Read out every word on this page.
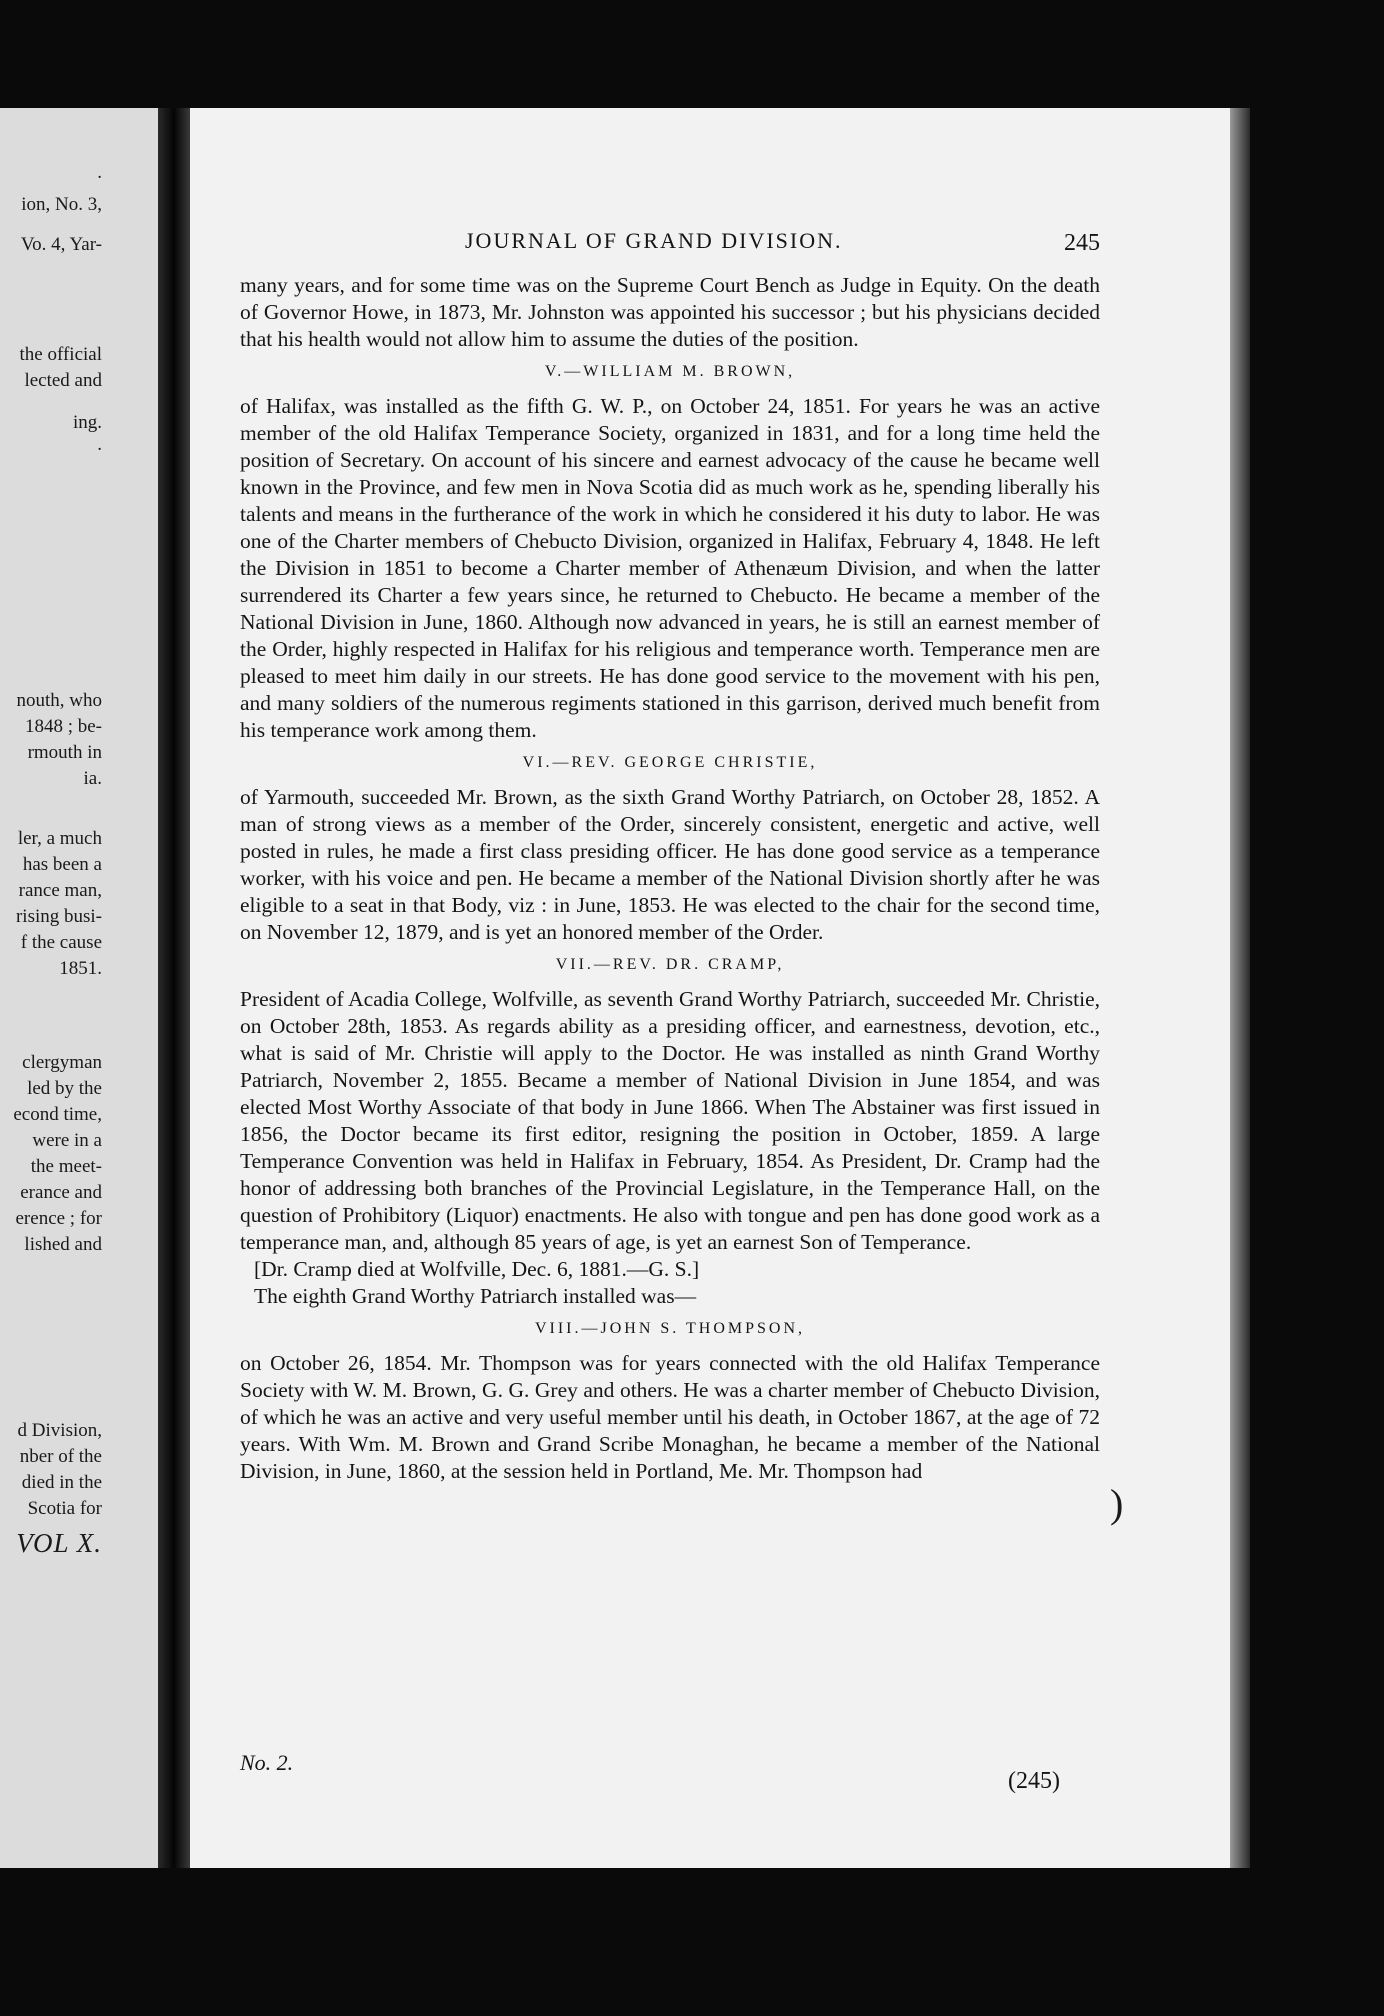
.
ion, No. 3,
Vo. 4, Yar-
the official
lected and
ing.
.
nouth, who
1848 ; be-
rmouth in
ia.
ler, a much
has been a
rance man,
rising busi-
f the cause
1851.
clergyman
led by the
econd time,
were in a
the meet-
erance and
erence ; for
lished and
d Division,
nber of the
died in the
Scotia for
VOL X.
JOURNAL OF GRAND DIVISION.	245

many years, and for some time was on the Supreme Court Bench as Judge in Equity. On the death of Governor Howe, in 1873, Mr. Johnston was appointed his successor ; but his physicians decided that his health would not allow him to assume the duties of the position.

V.—WILLIAM M. BROWN,

of Halifax, was installed as the fifth G. W. P., on October 24, 1851. For years he was an active member of the old Halifax Temperance Society, organized in 1831, and for a long time held the position of Secretary. On account of his sincere and earnest advocacy of the cause he became well known in the Province, and few men in Nova Scotia did as much work as he, spending liberally his talents and means in the furtherance of the work in which he considered it his duty to labor. He was one of the Charter members of Chebucto Division, organized in Halifax, February 4, 1848. He left the Division in 1851 to become a Charter member of Athenæum Division, and when the latter surrendered its Charter a few years since, he returned to Chebucto. He became a member of the National Division in June, 1860. Although now advanced in years, he is still an earnest member of the Order, highly respected in Halifax for his religious and temperance worth. Temperance men are pleased to meet him daily in our streets. He has done good service to the movement with his pen, and many soldiers of the numerous regiments stationed in this garrison, derived much benefit from his temperance work among them.

VI.—REV. GEORGE CHRISTIE,

of Yarmouth, succeeded Mr. Brown, as the sixth Grand Worthy Patriarch, on October 28, 1852. A man of strong views as a member of the Order, sincerely consistent, energetic and active, well posted in rules, he made a first class presiding officer. He has done good service as a temperance worker, with his voice and pen. He became a member of the National Division shortly after he was eligible to a seat in that Body, viz : in June, 1853. He was elected to the chair for the second time, on November 12, 1879, and is yet an honored member of the Order.

VII.—REV. DR. CRAMP,

President of Acadia College, Wolfville, as seventh Grand Worthy Patriarch, succeeded Mr. Christie, on October 28th, 1853. As regards ability as a presiding officer, and earnestness, devotion, etc., what is said of Mr. Christie will apply to the Doctor. He was installed as ninth Grand Worthy Patriarch, November 2, 1855. Became a member of National Division in June 1854, and was elected Most Worthy Associate of that body in June 1866. When The Abstainer was first issued in 1856, the Doctor became its first editor, resigning the position in October, 1859. A large Temperance Convention was held in Halifax in February, 1854. As President, Dr. Cramp had the honor of addressing both branches of the Provincial Legislature, in the Temperance Hall, on the question of Prohibitory (Liquor) enactments. He also with tongue and pen has done good work as a temperance man, and, although 85 years of age, is yet an earnest Son of Temperance.

[Dr. Cramp died at Wolfville, Dec. 6, 1881.—G. S.]

The eighth Grand Worthy Patriarch installed was—

VIII.—JOHN S. THOMPSON,

on October 26, 1854. Mr. Thompson was for years connected with the old Halifax Temperance Society with W. M. Brown, G. G. Grey and others. He was a charter member of Chebucto Division, of which he was an active and very useful member until his death, in October 1867, at the age of 72 years. With Wm. M. Brown and Grand Scribe Monaghan, he became a member of the National Division, in June, 1860, at the session held in Portland, Me. Mr. Thompson had

No. 2.
(245)
)
